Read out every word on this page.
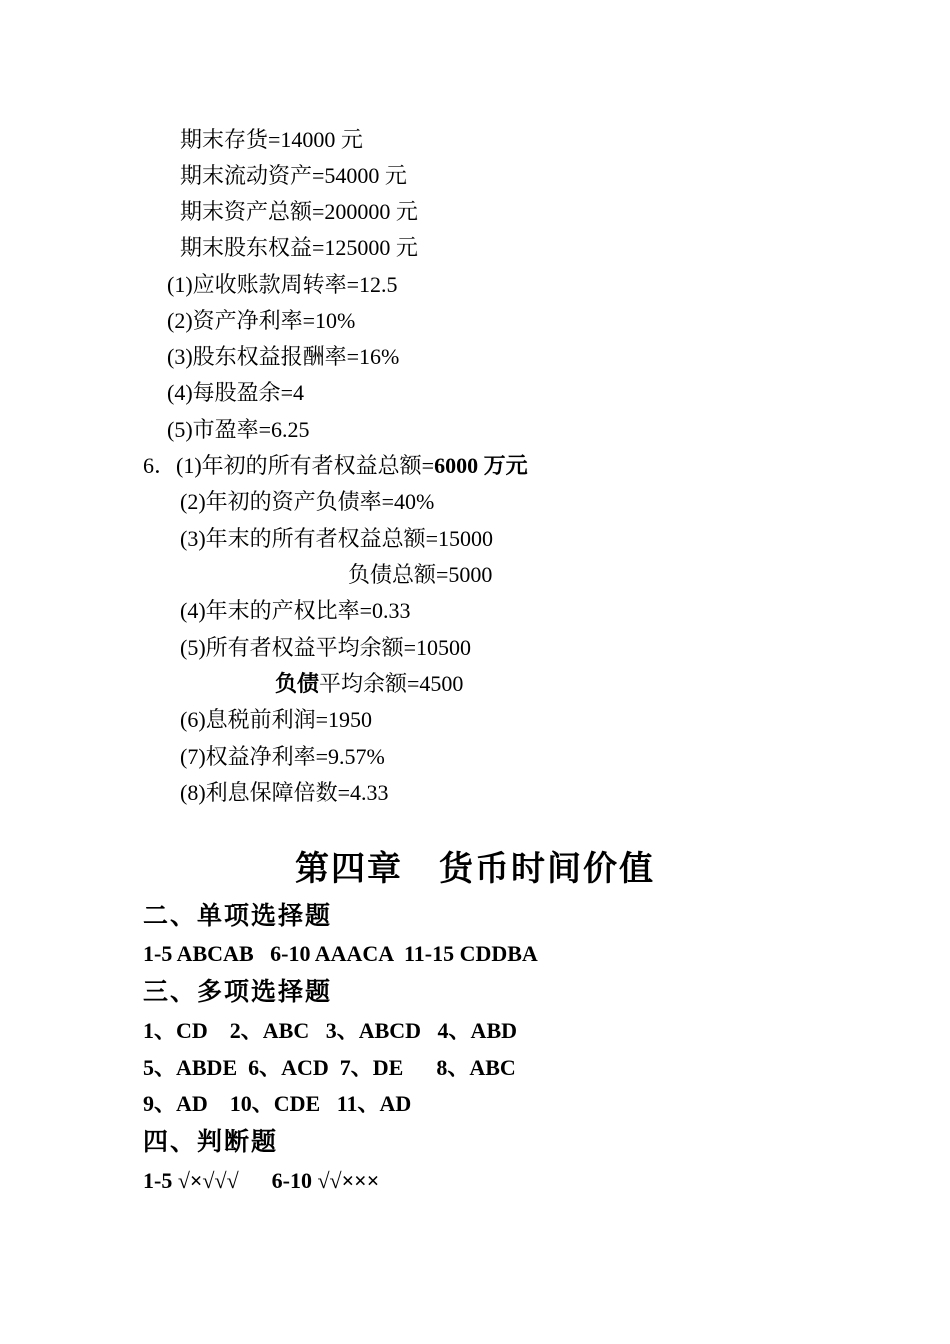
期末存货=14000 元
期末流动资产=54000 元
期末资产总额=200000 元
期末股东权益=125000 元
(1)应收账款周转率=12.5
(2)资产净利率=10%
(3)股东权益报酬率=16%
(4)每股盈余=4
(5)市盈率=6.25
6．(1)年初的所有者权益总额=6000 万元
(2)年初的资产负债率=40%
(3)年末的所有者权益总额=15000
负债总额=5000
(4)年末的产权比率=0.33
(5)所有者权益平均余额=10500
负债平均余额=4500
(6)息税前利润=1950
(7)权益净利率=9.57%
(8)利息保障倍数=4.33
第四章　货币时间价值
二、单项选择题
1-5 ABCAB   6-10 AAACA  11-15 CDDBA
三、多项选择题
1、CD    2、ABC   3、ABCD   4、ABD
5、ABDE  6、ACD  7、DE      8、ABC
9、AD    10、CDE   11、AD
四、判断题
1-5 √×√√√      6-10 √√×××
